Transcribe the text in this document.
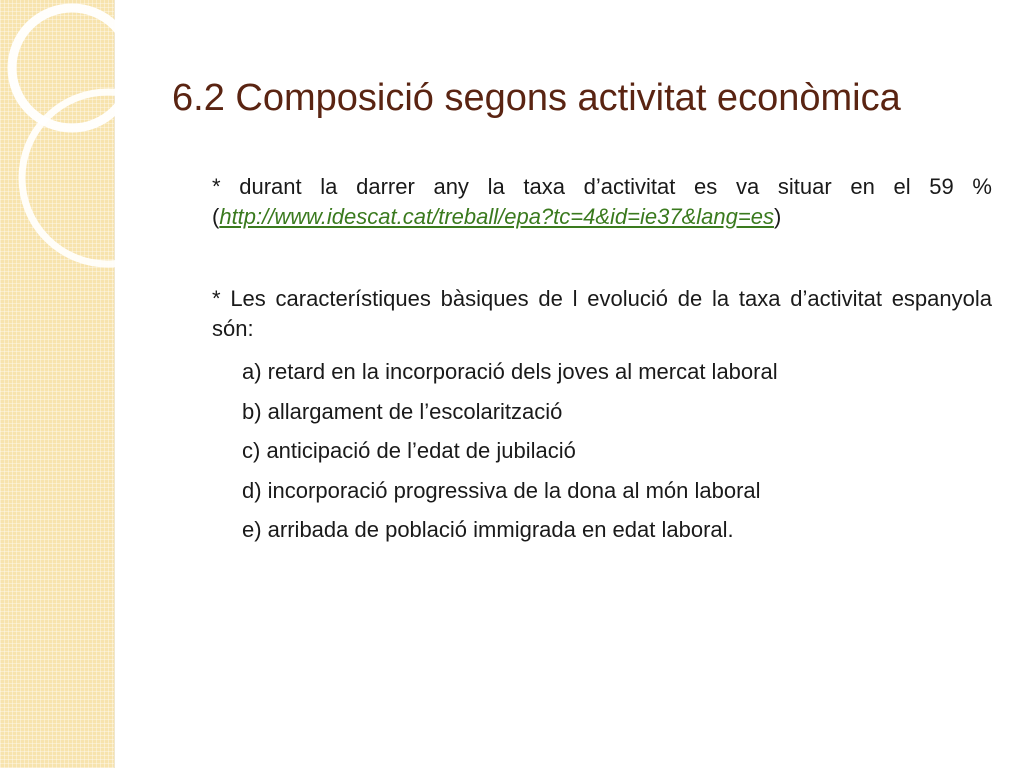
6.2 Composició segons activitat econòmica

* durant la darrer any la taxa d’activitat es va situar en el 59 % (http://www.idescat.cat/treball/epa?tc=4&id=ie37&lang=es)

* Les característiques bàsiques de l evolució de la taxa d’activitat espanyola són:

a) retard en la incorporació dels joves al mercat laboral
b) allargament de l’escolarització
c) anticipació de l’edat de jubilació
d) incorporació progressiva de la dona al món laboral
e) arribada de població immigrada en edat laboral.
